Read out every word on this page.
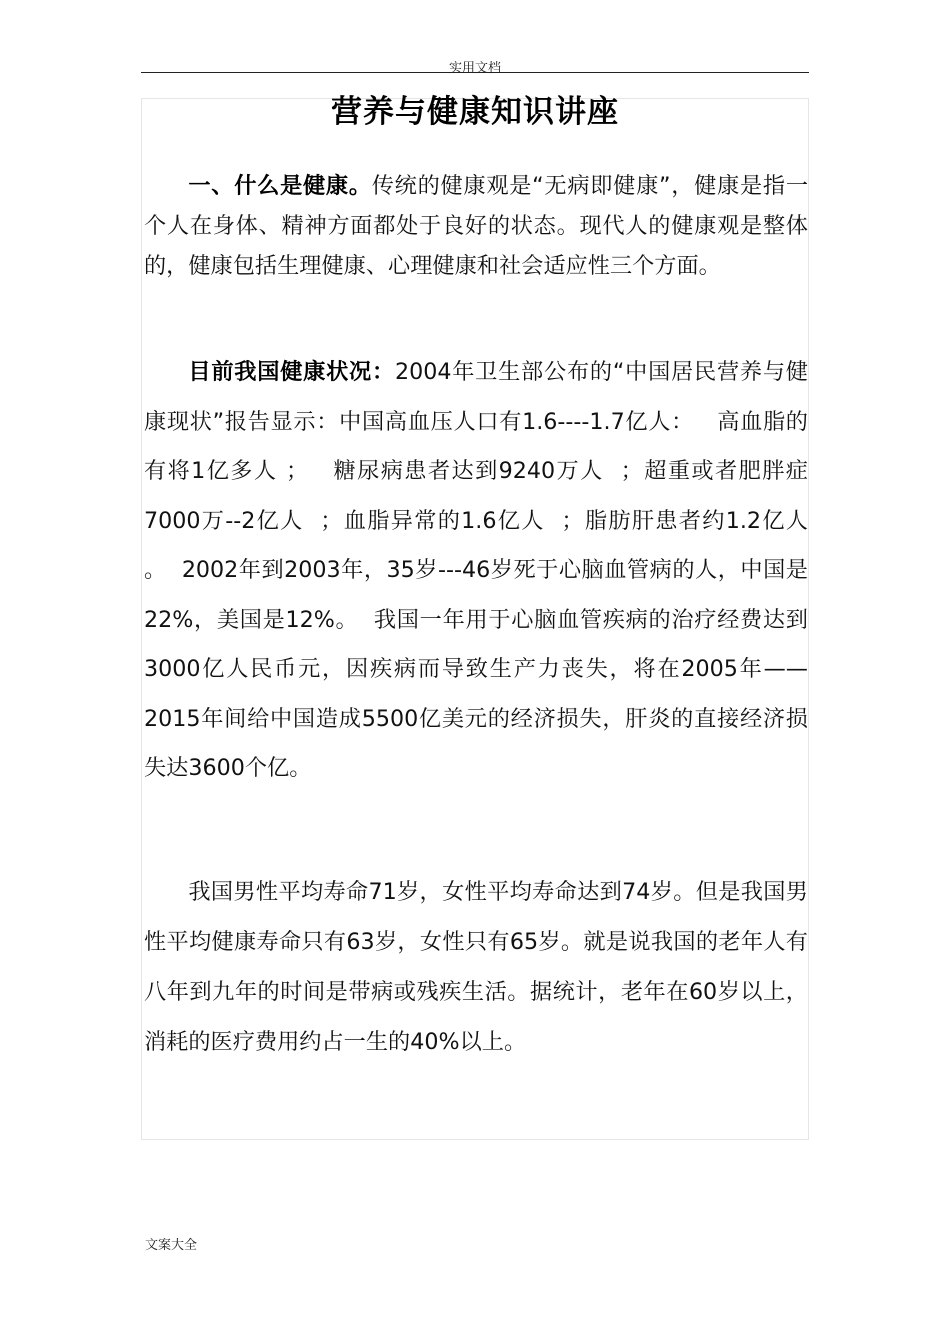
实用文档
营养与健康知识讲座

一、什么是健康。传统的健康观是“无病即健康”，健康是指一个人在身体、精神方面都处于良好的状态。现代人的健康观是整体的，健康包括生理健康、心理健康和社会适应性三个方面。

目前我国健康状况：2004年卫生部公布的“中国居民营养与健康现状”报告显示：中国高血压人口有1.6----1.7亿人：   高血脂的有将1亿多人 ；   糖尿病患者达到9240万人  ；超重或者肥胖症7000万--2亿人  ；血脂异常的1.6亿人  ；脂肪肝患者约1.2亿人  。  2002年到2003年，35岁---46岁死于心脑血管病的人，中国是22%，美国是12%。  我国一年用于心脑血管疾病的治疗经费达到3000亿人民币元，因疾病而导致生产力丧失，将在2005年——2015年间给中国造成5500亿美元的经济损失，肝炎的直接经济损失达3600个亿。

我国男性平均寿命71岁，女性平均寿命达到74岁。但是我国男性平均健康寿命只有63岁，女性只有65岁。就是说我国的老年人有八年到九年的时间是带病或残疾生活。据统计，老年在60岁以上，消耗的医疗费用约占一生的40%以上。

文案大全
